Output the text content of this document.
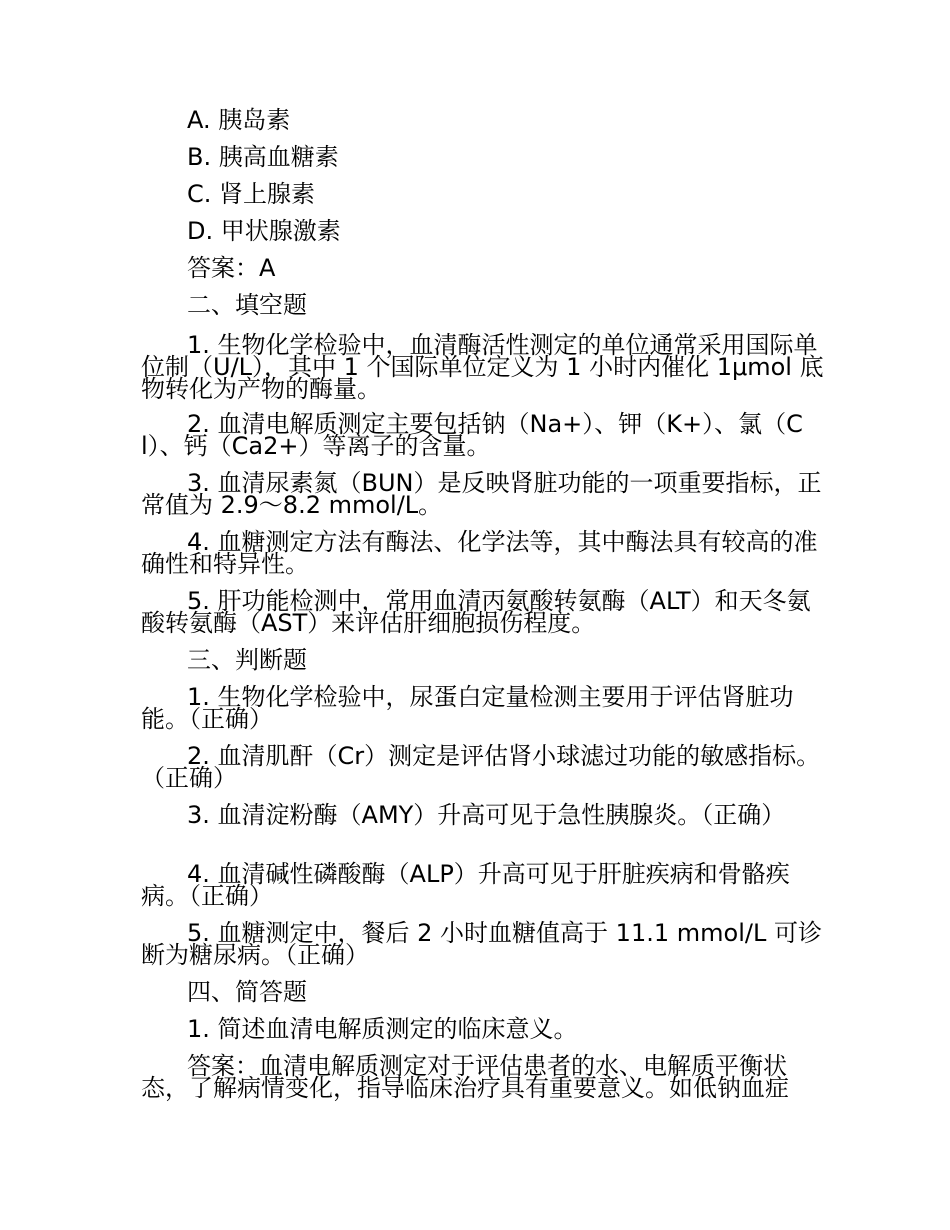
A. 胰岛素
B. 胰高血糖素
C. 肾上腺素
D. 甲状腺激素
答案：A
二、填空题
1. 生物化学检验中，血清酶活性测定的单位通常采用国际单位制（U/L），其中 1 个国际单位定义为 1 小时内催化 1μmol 底物转化为产物的酶量。
2. 血清电解质测定主要包括钠（Na+）、钾（K+）、氯（Cl）、钙（Ca2+）等离子的含量。
3. 血清尿素氮（BUN）是反映肾脏功能的一项重要指标，正常值为 2.9～8.2 mmol/L。
4. 血糖测定方法有酶法、化学法等，其中酶法具有较高的准确性和特异性。
5. 肝功能检测中，常用血清丙氨酸转氨酶（ALT）和天冬氨酸转氨酶（AST）来评估肝细胞损伤程度。
三、判断题
1. 生物化学检验中，尿蛋白定量检测主要用于评估肾脏功能。（正确）
2. 血清肌酐（Cr）测定是评估肾小球滤过功能的敏感指标。（正确）
3. 血清淀粉酶（AMY）升高可见于急性胰腺炎。（正确）
4. 血清碱性磷酸酶（ALP）升高可见于肝脏疾病和骨骼疾病。（正确）
5. 血糖测定中，餐后 2 小时血糖值高于 11.1 mmol/L 可诊断为糖尿病。（正确）
四、简答题
1. 简述血清电解质测定的临床意义。
答案：血清电解质测定对于评估患者的水、电解质平衡状态，了解病情变化，指导临床治疗具有重要意义。如低钠血症
